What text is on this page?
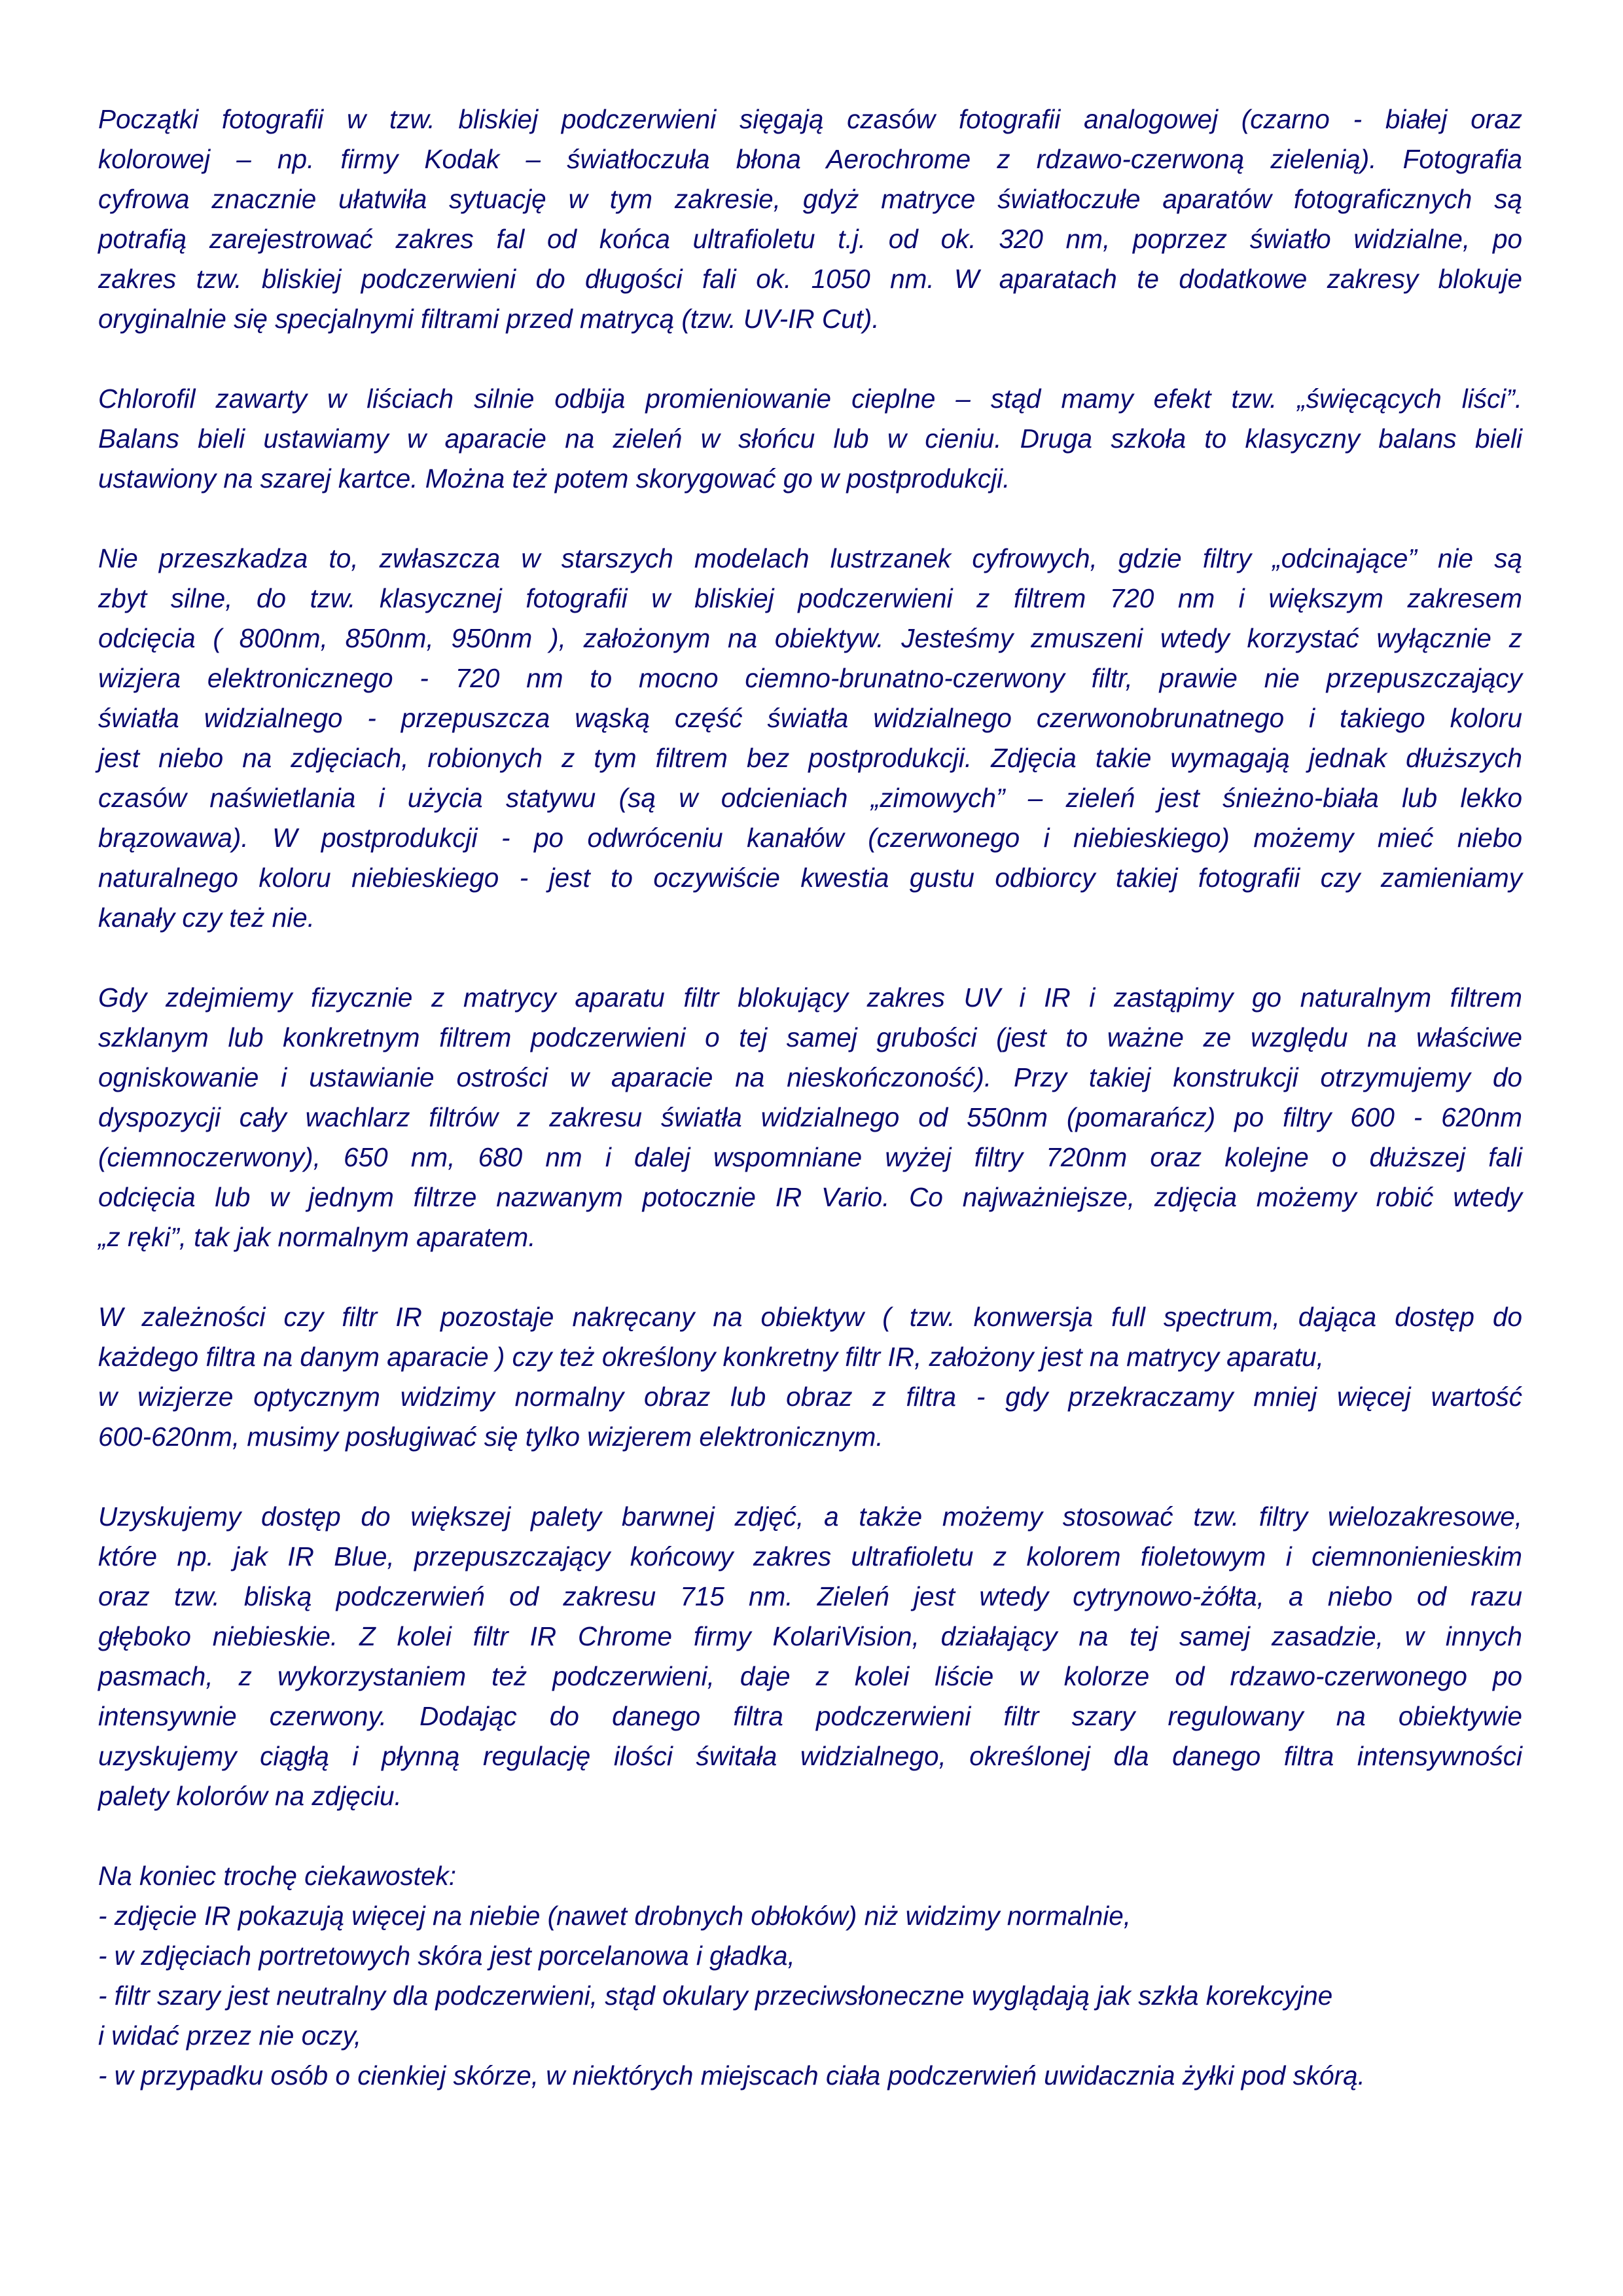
Początki fotografii w tzw. bliskiej podczerwieni sięgają czasów fotografii analogowej (czarno - białej oraz
kolorowej – np. firmy Kodak – światłoczuła błona Aerochrome z rdzawo-czerwoną zielenią). Fotografia
cyfrowa znacznie ułatwiła sytuację w tym zakresie, gdyż matryce światłoczułe aparatów fotograficznych są
potrafią zarejestrować zakres fal od końca ultrafioletu t.j. od ok. 320 nm, poprzez światło widzialne, po
zakres tzw. bliskiej podczerwieni do długości fali ok. 1050 nm. W aparatach te dodatkowe zakresy blokuje
oryginalnie się specjalnymi filtrami przed matrycą (tzw. UV-IR Cut).
Chlorofil zawarty w liściach silnie odbija promieniowanie cieplne – stąd mamy efekt tzw. „święcących liści”.
Balans bieli ustawiamy w aparacie na zieleń w słońcu lub w cieniu. Druga szkoła to klasyczny balans bieli
ustawiony na szarej kartce. Można też potem skorygować go w postprodukcji.
Nie przeszkadza to, zwłaszcza w starszych modelach lustrzanek cyfrowych, gdzie filtry „odcinające” nie są
zbyt silne, do tzw. klasycznej fotografii w bliskiej podczerwieni z filtrem 720 nm i większym zakresem
odcięcia ( 800nm, 850nm, 950nm ), założonym na obiektyw. Jesteśmy zmuszeni wtedy korzystać wyłącznie z
wizjera elektronicznego - 720 nm to mocno ciemno-brunatno-czerwony filtr, prawie nie przepuszczający
światła widzialnego - przepuszcza wąską część światła widzialnego czerwonobrunatnego i takiego koloru
jest niebo na zdjęciach, robionych z tym filtrem bez postprodukcji. Zdjęcia takie wymagają jednak dłuższych
czasów naświetlania i użycia statywu (są w odcieniach „zimowych” – zieleń jest śnieżno-biała lub lekko
brązowawa). W postprodukcji - po odwróceniu kanałów (czerwonego i niebieskiego) możemy mieć niebo
naturalnego koloru niebieskiego - jest to oczywiście kwestia gustu odbiorcy takiej fotografii czy zamieniamy
kanały czy też nie.
Gdy zdejmiemy fizycznie z matrycy aparatu filtr blokujący zakres UV i IR i zastąpimy go naturalnym filtrem
szklanym lub konkretnym filtrem podczerwieni o tej samej grubości (jest to ważne ze względu na właściwe
ogniskowanie i ustawianie ostrości w aparacie na nieskończoność). Przy takiej konstrukcji otrzymujemy do
dyspozycji cały wachlarz filtrów z zakresu światła widzialnego od 550nm (pomarańcz) po filtry 600 - 620nm
(ciemnoczerwony), 650 nm, 680 nm i dalej wspomniane wyżej filtry 720nm oraz kolejne o dłuższej fali
odcięcia lub w jednym filtrze nazwanym potocznie IR Vario. Co najważniejsze, zdjęcia możemy robić wtedy
„z ręki”, tak jak normalnym aparatem.
W zależności czy filtr IR pozostaje nakręcany na obiektyw ( tzw. konwersja full spectrum, dająca dostęp do
każdego filtra na danym aparacie ) czy też określony konkretny filtr IR, założony jest na matrycy aparatu,
w wizjerze optycznym widzimy normalny obraz lub obraz z filtra - gdy przekraczamy mniej więcej wartość
600-620nm, musimy posługiwać się tylko wizjerem elektronicznym.
Uzyskujemy dostęp do większej palety barwnej zdjęć, a także możemy stosować tzw. filtry wielozakresowe,
które np. jak IR Blue, przepuszczający końcowy zakres ultrafioletu z kolorem fioletowym i ciemnonienieskim
oraz tzw. bliską podczerwień od zakresu 715 nm. Zieleń jest wtedy cytrynowo-żółta, a niebo od razu
głęboko niebieskie. Z kolei filtr IR Chrome firmy KolariVision, działający na tej samej zasadzie, w innych
pasmach, z wykorzystaniem też podczerwieni, daje z kolei liście w kolorze od rdzawo-czerwonego po
intensywnie czerwony. Dodając do danego filtra podczerwieni filtr szary regulowany na obiektywie
uzyskujemy ciągłą i płynną regulację ilości świtała widzialnego, określonej dla danego filtra intensywności
palety kolorów na zdjęciu.
Na koniec trochę ciekawostek:
- zdjęcie IR pokazują więcej na niebie (nawet drobnych obłoków) niż widzimy normalnie,
- w zdjęciach portretowych skóra jest porcelanowa i gładka,
- filtr szary jest neutralny dla podczerwieni, stąd okulary przeciwsłoneczne wyglądają jak szkła korekcyjne
i widać przez nie oczy,
- w przypadku osób o cienkiej skórze, w niektórych miejscach ciała podczerwień uwidacznia żyłki pod skórą.
